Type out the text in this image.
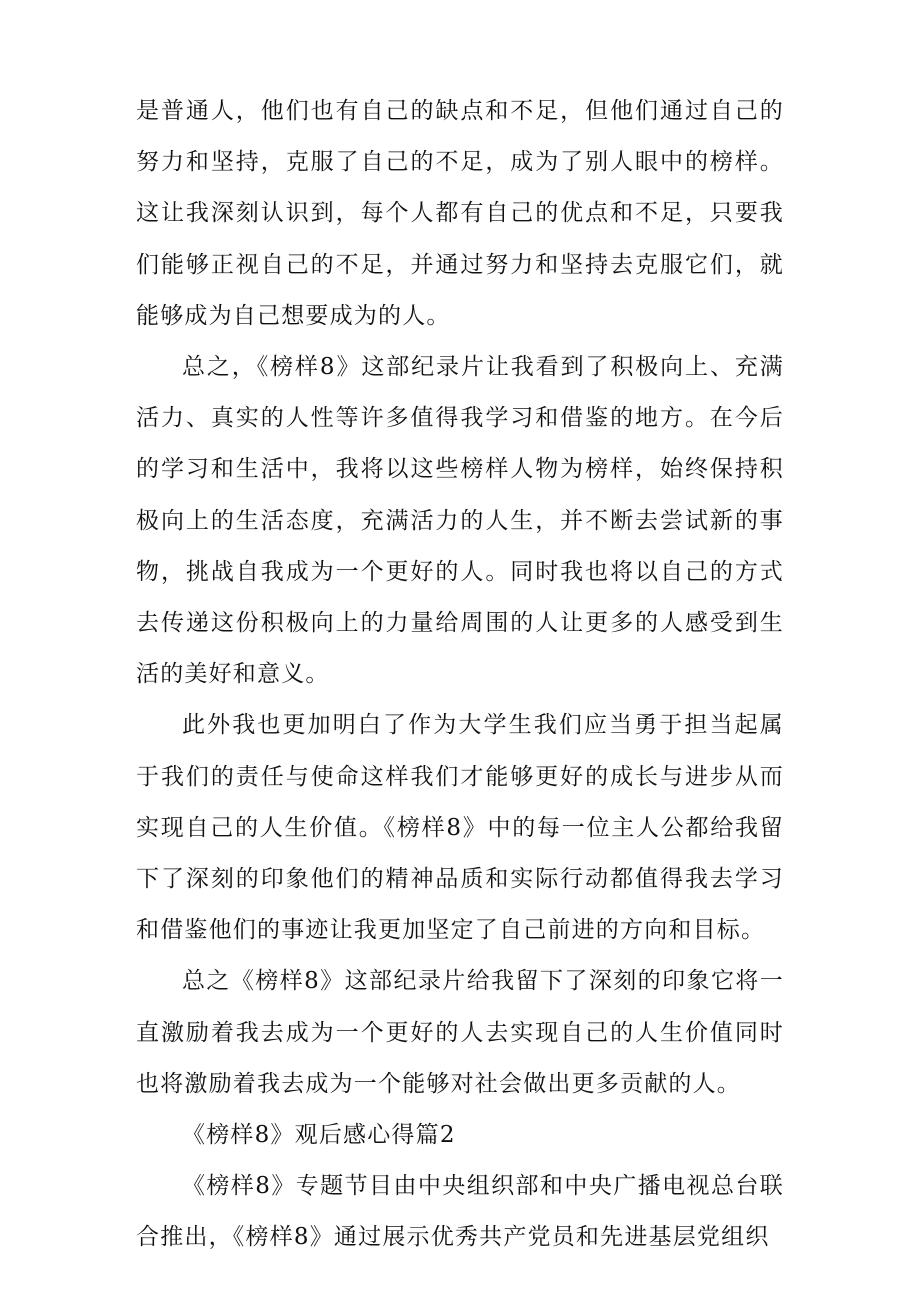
是普通人，他们也有自己的缺点和不足，但他们通过自己的努力和坚持，克服了自己的不足，成为了别人眼中的榜样。这让我深刻认识到，每个人都有自己的优点和不足，只要我们能够正视自己的不足，并通过努力和坚持去克服它们，就能够成为自己想要成为的人。

总之，《榜样8》这部纪录片让我看到了积极向上、充满活力、真实的人性等许多值得我学习和借鉴的地方。在今后的学习和生活中，我将以这些榜样人物为榜样，始终保持积极向上的生活态度，充满活力的人生，并不断去尝试新的事物，挑战自我成为一个更好的人。同时我也将以自己的方式去传递这份积极向上的力量给周围的人让更多的人感受到生活的美好和意义。

此外我也更加明白了作为大学生我们应当勇于担当起属于我们的责任与使命这样我们才能够更好的成长与进步从而实现自己的人生价值。《榜样8》中的每一位主人公都给我留下了深刻的印象他们的精神品质和实际行动都值得我去学习和借鉴他们的事迹让我更加坚定了自己前进的方向和目标。

总之《榜样8》这部纪录片给我留下了深刻的印象它将一直激励着我去成为一个更好的人去实现自己的人生价值同时也将激励着我去成为一个能够对社会做出更多贡献的人。

《榜样8》观后感心得篇2

《榜样8》专题节目由中央组织部和中央广播电视总台联合推出，《榜样8》通过展示优秀共产党员和先进基层党组织
